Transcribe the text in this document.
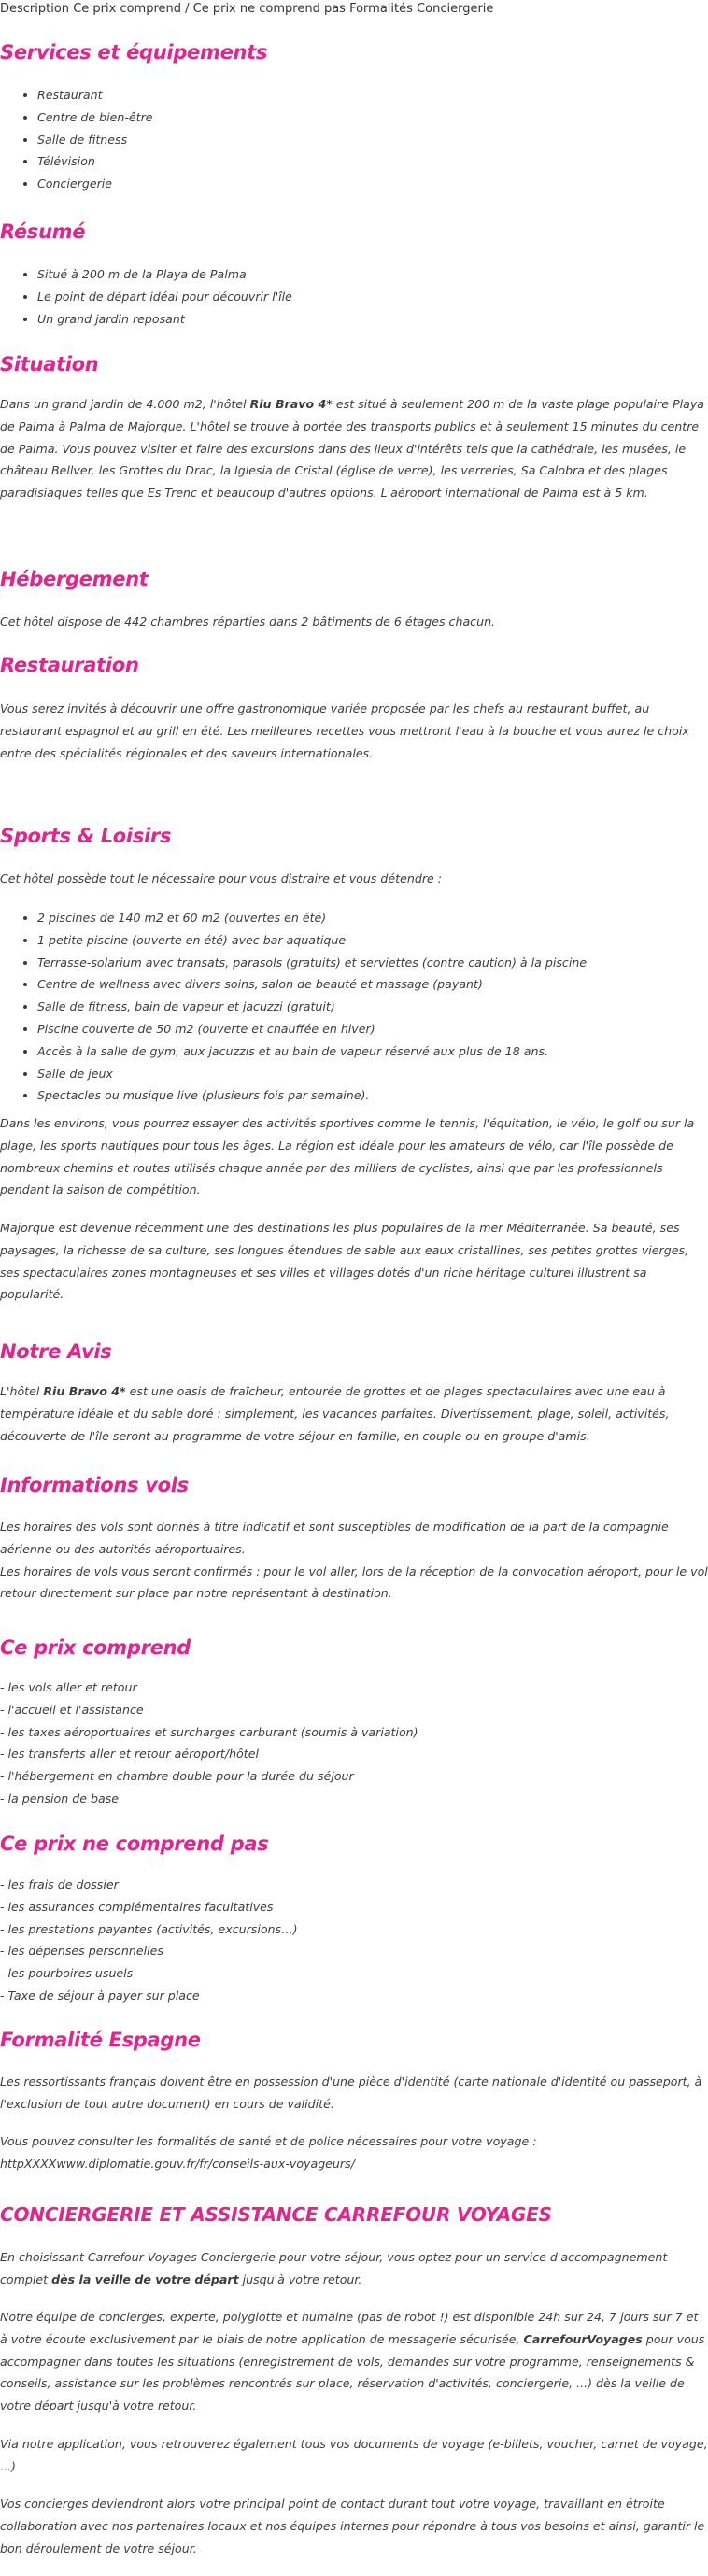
Description Ce prix comprend / Ce prix ne comprend pas Formalités Conciergerie
Services et équipements
• Restaurant
• Centre de bien-être
• Salle de fitness
• Télévision
• Conciergerie
Résumé
• Situé à 200 m de la Playa de Palma
• Le point de départ idéal pour découvrir l'île
• Un grand jardin reposant
Situation

Dans un grand jardin de 4.000 m2, l'hôtel Riu Bravo 4* est situé à seulement 200 m de la vaste plage populaire Playa de Palma à Palma de Majorque. L'hôtel se trouve à portée des transports publics et à seulement 15 minutes du centre de Palma. Vous pouvez visiter et faire des excursions dans des lieux d'intérêts tels que la cathédrale, les musées, le château Bellver, les Grottes du Drac, la Iglesia de Cristal (église de verre), les verreries, Sa Calobra et des plages paradisiaques telles que Es Trenc et beaucoup d'autres options. L'aéroport international de Palma est à 5 km.

Hébergement

Cet hôtel dispose de 442 chambres réparties dans 2 bâtiments de 6 étages chacun.

Restauration

Vous serez invités à découvrir une offre gastronomique variée proposée par les chefs au restaurant buffet, au restaurant espagnol et au grill en été. Les meilleures recettes vous mettront l'eau à la bouche et vous aurez le choix entre des spécialités régionales et des saveurs internationales.

Sports & Loisirs

Cet hôtel possède tout le nécessaire pour vous distraire et vous détendre :

• 2 piscines de 140 m2 et 60 m2 (ouvertes en été)
• 1 petite piscine (ouverte en été) avec bar aquatique
• Terrasse-solarium avec transats, parasols (gratuits) et serviettes (contre caution) à la piscine
• Centre de wellness avec divers soins, salon de beauté et massage (payant)
• Salle de fitness, bain de vapeur et jacuzzi (gratuit)
• Piscine couverte de 50 m2 (ouverte et chauffée en hiver)
• Accès à la salle de gym, aux jacuzzis et au bain de vapeur réservé aux plus de 18 ans.
• Salle de jeux
• Spectacles ou musique live (plusieurs fois par semaine).

Dans les environs, vous pourrez essayer des activités sportives comme le tennis, l'équitation, le vélo, le golf ou sur la plage, les sports nautiques pour tous les âges. La région est idéale pour les amateurs de vélo, car l'île possède de nombreux chemins et routes utilisés chaque année par des milliers de cyclistes, ainsi que par les professionnels pendant la saison de compétition.

Majorque est devenue récemment une des destinations les plus populaires de la mer Méditerranée. Sa beauté, ses paysages, la richesse de sa culture, ses longues étendues de sable aux eaux cristallines, ses petites grottes vierges, ses spectaculaires zones montagneuses et ses villes et villages dotés d'un riche héritage culturel illustrent sa popularité.

Notre Avis

L'hôtel Riu Bravo 4* est une oasis de fraîcheur, entourée de grottes et de plages spectaculaires avec une eau à température idéale et du sable doré : simplement, les vacances parfaites. Divertissement, plage, soleil, activités, découverte de l'île seront au programme de votre séjour en famille, en couple ou en groupe d'amis.

Informations vols

Les horaires des vols sont donnés à titre indicatif et sont susceptibles de modification de la part de la compagnie aérienne ou des autorités aéroportuaires.
Les horaires de vols vous seront confirmés : pour le vol aller, lors de la réception de la convocation aéroport, pour le vol retour directement sur place par notre représentant à destination.

Ce prix comprend
- les vols aller et retour
- l'accueil et l'assistance
- les taxes aéroportuaires et surcharges carburant (soumis à variation)
- les transferts aller et retour aéroport/hôtel
- l'hébergement en chambre double pour la durée du séjour
- la pension de base
Ce prix ne comprend pas
- les frais de dossier
- les assurances complémentaires facultatives
- les prestations payantes (activités, excursions…)
- les dépenses personnelles
- les pourboires usuels
- Taxe de séjour à payer sur place
Formalité Espagne

Les ressortissants français doivent être en possession d'une pièce d'identité (carte nationale d'identité ou passeport, à l'exclusion de tout autre document) en cours de validité.

Vous pouvez consulter les formalités de santé et de police nécessaires pour votre voyage :
httpXXXXwww.diplomatie.gouv.fr/fr/conseils-aux-voyageurs/

CONCIERGERIE ET ASSISTANCE CARREFOUR VOYAGES

En choisissant Carrefour Voyages Conciergerie pour votre séjour, vous optez pour un service d'accompagnement complet dès la veille de votre départ jusqu'à votre retour.

Notre équipe de concierges, experte, polyglotte et humaine (pas de robot !) est disponible 24h sur 24, 7 jours sur 7 et à votre écoute exclusivement par le biais de notre application de messagerie sécurisée, CarrefourVoyages pour vous accompagner dans toutes les situations (enregistrement de vols, demandes sur votre programme, renseignements & conseils, assistance sur les problèmes rencontrés sur place, réservation d'activités, conciergerie, ...) dès la veille de votre départ jusqu'à votre retour.

Via notre application, vous retrouverez également tous vos documents de voyage (e-billets, voucher, carnet de voyage, ...)

Vos concierges deviendront alors votre principal point de contact durant tout votre voyage, travaillant en étroite collaboration avec nos partenaires locaux et nos équipes internes pour répondre à tous vos besoins et ainsi, garantir le bon déroulement de votre séjour.
